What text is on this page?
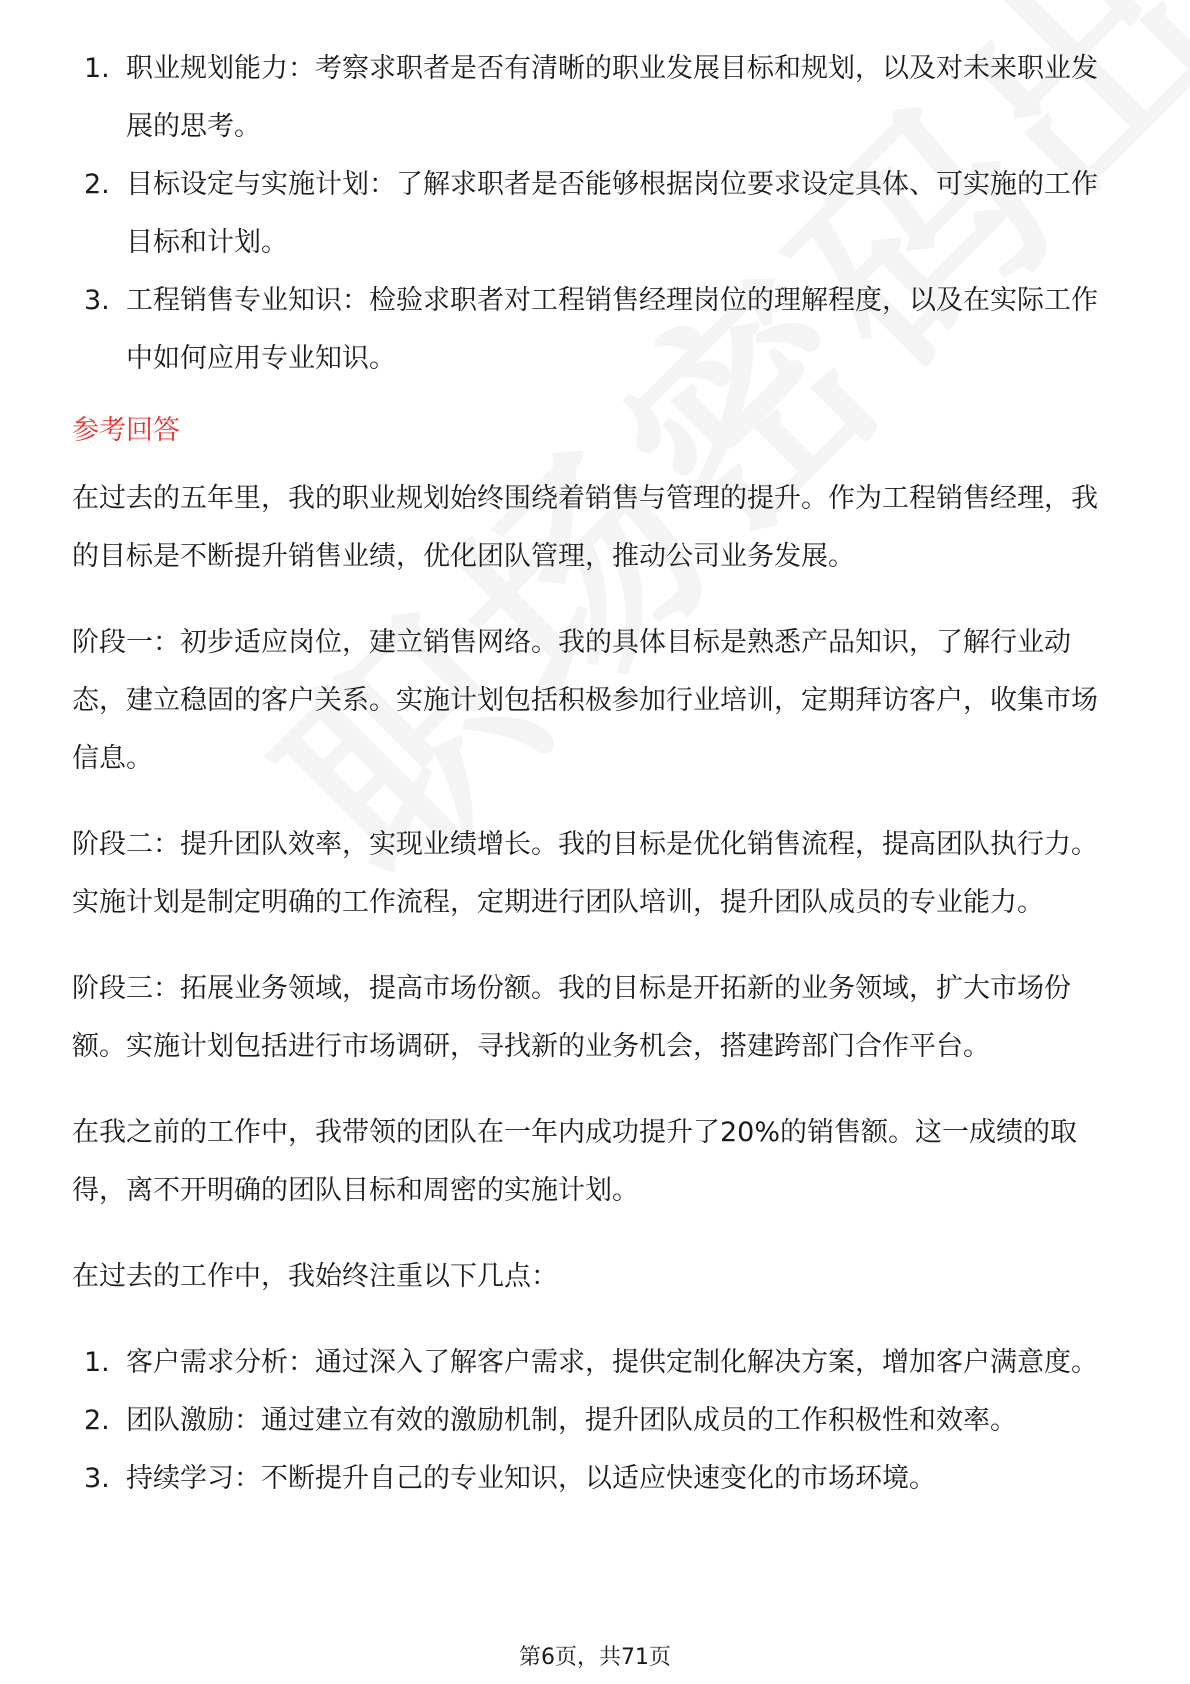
1. 职业规划能力：考察求职者是否有清晰的职业发展目标和规划，以及对未来职业发展的思考。
2. 目标设定与实施计划：了解求职者是否能够根据岗位要求设定具体、可实施的工作目标和计划。
3. 工程销售专业知识：检验求职者对工程销售经理岗位的理解程度，以及在实际工作中如何应用专业知识。
参考回答

在过去的五年里，我的职业规划始终围绕着销售与管理的提升。作为工程销售经理，我的目标是不断提升销售业绩，优化团队管理，推动公司业务发展。

阶段一：初步适应岗位，建立销售网络。我的具体目标是熟悉产品知识，了解行业动态，建立稳固的客户关系。实施计划包括积极参加行业培训，定期拜访客户，收集市场信息。

阶段二：提升团队效率，实现业绩增长。我的目标是优化销售流程，提高团队执行力。实施计划是制定明确的工作流程，定期进行团队培训，提升团队成员的专业能力。

阶段三：拓展业务领域，提高市场份额。我的目标是开拓新的业务领域，扩大市场份额。实施计划包括进行市场调研，寻找新的业务机会，搭建跨部门合作平台。

在我之前的工作中，我带领的团队在一年内成功提升了20%的销售额。这一成绩的取得，离不开明确的团队目标和周密的实施计划。

在过去的工作中，我始终注重以下几点：

1. 客户需求分析：通过深入了解客户需求，提供定制化解决方案，增加客户满意度。
2. 团队激励：通过建立有效的激励机制，提升团队成员的工作积极性和效率。
3. 持续学习：不断提升自己的专业知识，以适应快速变化的市场环境。
第6页，共71页
